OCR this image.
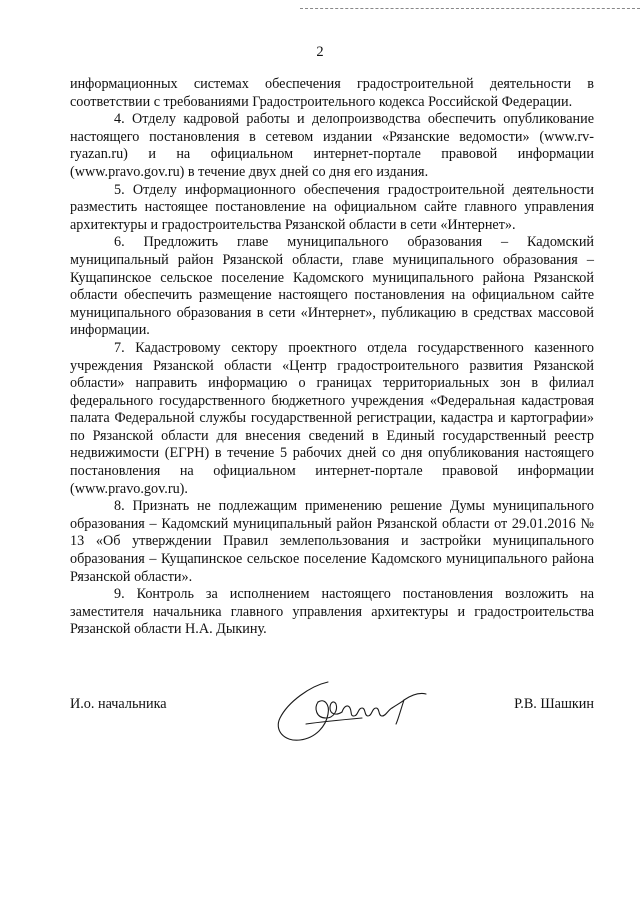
2

информационных системах обеспечения градостроительной деятельности в соответствии с требованиями Градостроительного кодекса Российской Федерации.

4. Отделу кадровой работы и делопроизводства обеспечить опубликование настоящего постановления в сетевом издании «Рязанские ведомости» (www.rv-ryazan.ru) и на официальном интернет-портале правовой информации (www.pravo.gov.ru) в течение двух дней со дня его издания.

5. Отделу информационного обеспечения градостроительной деятельности разместить настоящее постановление на официальном сайте главного управления архитектуры и градостроительства Рязанской области в сети «Интернет».

6. Предложить главе муниципального образования – Кадомский муниципальный район Рязанской области, главе муниципального образования – Кущапинское сельское поселение Кадомского муниципального района Рязанской области обеспечить размещение настоящего постановления на официальном сайте муниципального образования в сети «Интернет», публикацию в средствах массовой информации.

7. Кадастровому сектору проектного отдела государственного казенного учреждения Рязанской области «Центр градостроительного развития Рязанской области» направить информацию о границах территориальных зон в филиал федерального государственного бюджетного учреждения «Федеральная кадастровая палата Федеральной службы государственной регистрации, кадастра и картографии» по Рязанской области для внесения сведений в Единый государственный реестр недвижимости (ЕГРН) в течение 5 рабочих дней со дня опубликования настоящего постановления на официальном интернет-портале правовой информации (www.pravo.gov.ru).

8. Признать не подлежащим применению решение Думы муниципального образования – Кадомский муниципальный район Рязанской области от 29.01.2016 № 13 «Об утверждении Правил землепользования и застройки муниципального образования – Кущапинское сельское поселение Кадомского муниципального района Рязанской области».

9. Контроль за исполнением настоящего постановления возложить на заместителя начальника главного управления архитектуры и градостроительства Рязанской области Н.А. Дыкину.

И.о. начальника	Р.В. Шашкин
